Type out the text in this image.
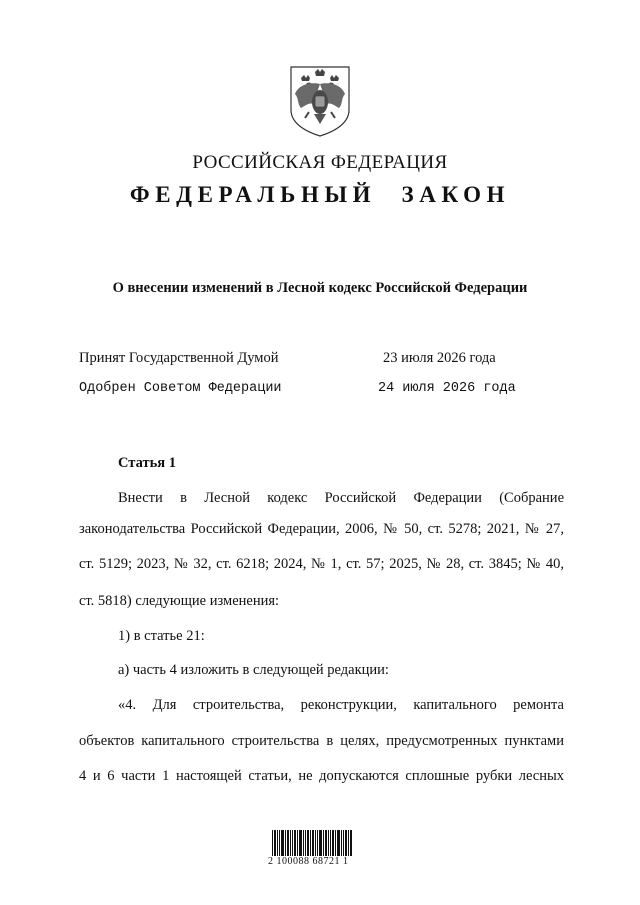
РОССИЙСКАЯ ФЕДЕРАЦИЯ
ФЕДЕРАЛЬНЫЙ ЗАКОН
О внесении изменений в Лесной кодекс Российской Федерации
Принят Государственной Думой	23 июля 2026 года
Одобрен Советом Федерации	24 июля 2026 года
Статья 1
Внести в Лесной кодекс Российской Федерации (Собрание
законодательства Российской Федерации, 2006, № 50, ст. 5278; 2021, № 27,
ст. 5129; 2023, № 32, ст. 6218; 2024, № 1, ст. 57; 2025, № 28, ст. 3845; № 40,
ст. 5818) следующие изменения:
1) в статье 21:
а) часть 4 изложить в следующей редакции:
«4. Для строительства, реконструкции, капитального ремонта
объектов капитального строительства в целях, предусмотренных пунктами
4 и 6 части 1 настоящей статьи, не допускаются сплошные рубки лесных
2 100088 68721 1
